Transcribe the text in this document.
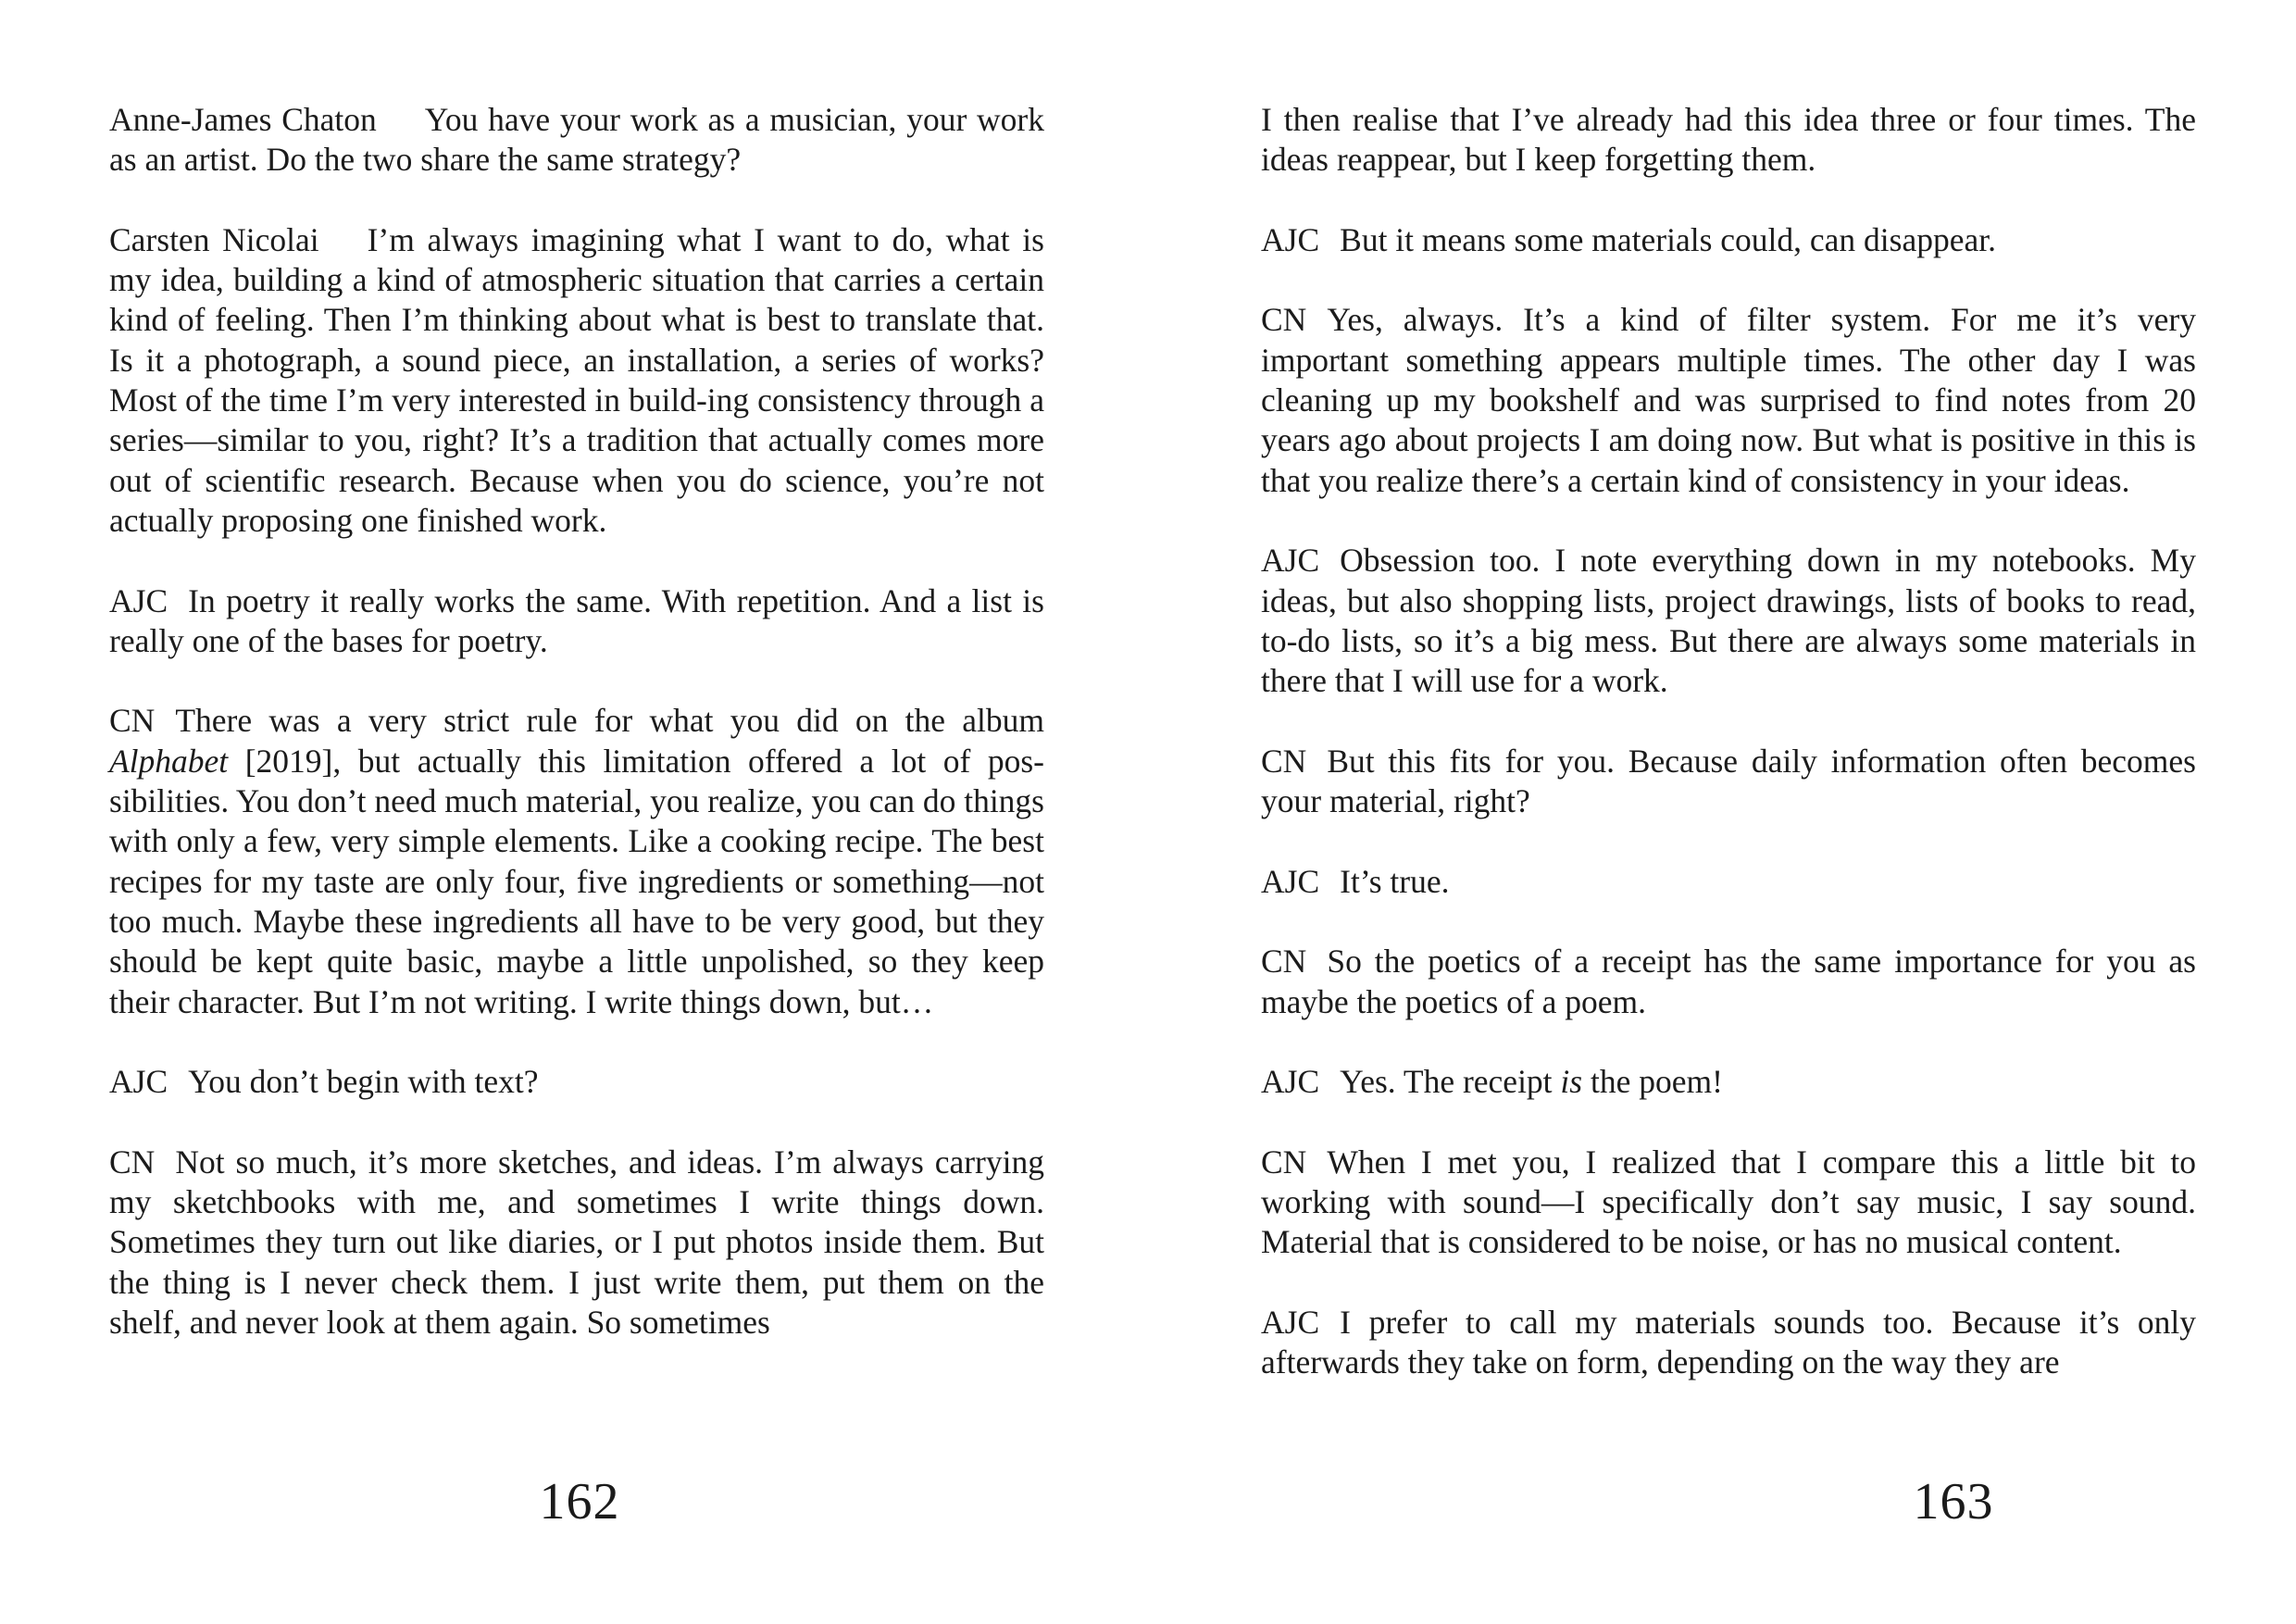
Anne-James Chaton You have your work as a musician, your work as an artist. Do the two share the same strategy?

Carsten Nicolai I’m always imagining what I want to do, what is my idea, building a kind of atmospheric situation that carries a certain kind of feeling. Then I’m thinking about what is best to translate that. Is it a photograph, a sound piece, an installation, a series of works? Most of the time I’m very interested in build-ing consistency through a series—similar to you, right? It’s a tradition that actually comes more out of scientific research. Because when you do science, you’re not actually proposing one finished work.

AJC In poetry it really works the same. With repetition. And a list is really one of the bases for poetry.

CN There was a very strict rule for what you did on the album Alphabet [2019], but actually this limitation offered a lot of pos-sibilities. You don’t need much material, you realize, you can do things with only a few, very simple elements. Like a cooking recipe. The best recipes for my taste are only four, five ingredients or something—not too much. Maybe these ingredients all have to be very good, but they should be kept quite basic, maybe a little unpolished, so they keep their character. But I’m not writing. I write things down, but…

AJC You don’t begin with text?

CN Not so much, it’s more sketches, and ideas. I’m always carrying my sketchbooks with me, and sometimes I write things down. Sometimes they turn out like diaries, or I put photos inside them. But the thing is I never check them. I just write them, put them on the shelf, and never look at them again. So sometimes

162

I then realise that I’ve already had this idea three or four times. The ideas reappear, but I keep forgetting them.

AJC But it means some materials could, can disappear.

CN Yes, always. It’s a kind of filter system. For me it’s very important something appears multiple times. The other day I was cleaning up my bookshelf and was surprised to find notes from 20 years ago about projects I am doing now. But what is positive in this is that you realize there’s a certain kind of consistency in your ideas.

AJC Obsession too. I note everything down in my notebooks. My ideas, but also shopping lists, project drawings, lists of books to read, to-do lists, so it’s a big mess. But there are always some materials in there that I will use for a work.

CN But this fits for you. Because daily information often becomes your material, right?

AJC It’s true.

CN So the poetics of a receipt has the same importance for you as maybe the poetics of a poem.

AJC Yes. The receipt is the poem!

CN When I met you, I realized that I compare this a little bit to working with sound—I specifically don’t say music, I say sound. Material that is considered to be noise, or has no musical content.

AJC I prefer to call my materials sounds too. Because it’s only afterwards they take on form, depending on the way they are

163
